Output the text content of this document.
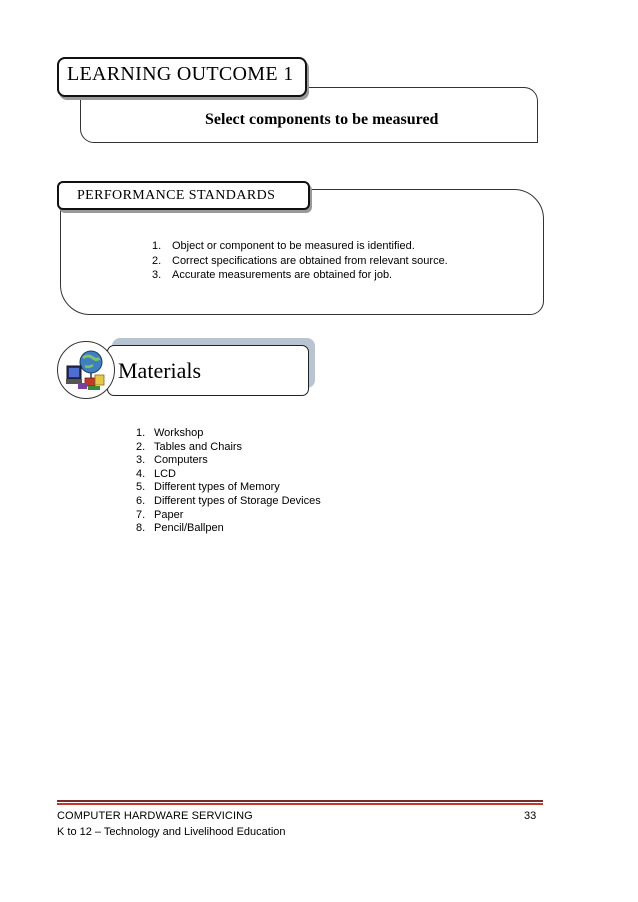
LEARNING OUTCOME 1
Select components to be measured
PERFORMANCE STANDARDS
1. Object or component to be measured is identified.
2. Correct specifications are obtained from relevant source.
3. Accurate measurements are obtained for job.
Materials
1. Workshop
2. Tables and Chairs
3. Computers
4. LCD
5. Different types of Memory
6. Different types of Storage Devices
7. Paper
8. Pencil/Ballpen
COMPUTER HARDWARE SERVICING
K to 12 – Technology and Livelihood Education
33
